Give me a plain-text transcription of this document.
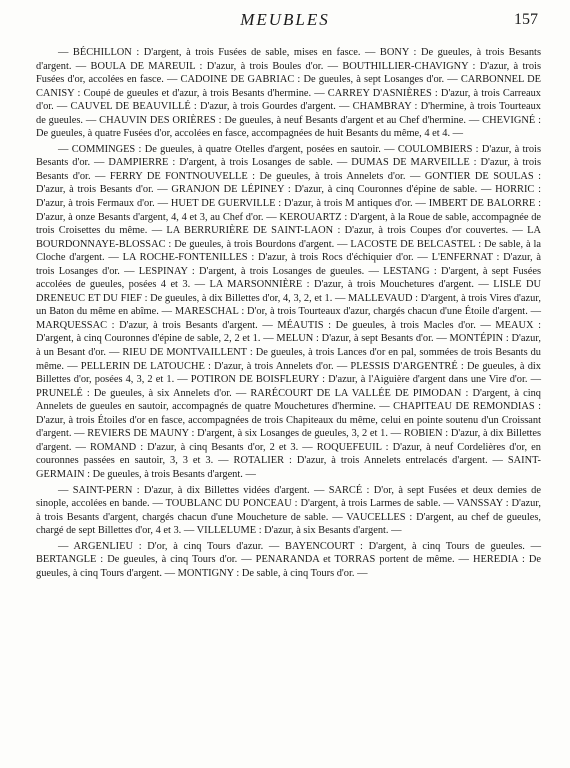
MEUBLES	157

— BÉCHILLON : D'argent, à trois Fusées de sable, mises en fasce. — BONY : De gueules, à trois Besants d'argent. — BOULA DE MAREUIL : D'azur, à trois Boules d'or. — BOUTHILLIER-CHAVIGNY : D'azur, à trois Fusées d'or, accolées en fasce. — CADOINE DE GABRIAC : De gueules, à sept Losanges d'or. — CARBONNEL DE CANISY : Coupé de gueules et d'azur, à trois Besants d'hermine. — CARREY D'ASNIÈRES : D'azur, à trois Carreaux d'or. — CAUVEL DE BEAUVILLÉ : D'azur, à trois Gourdes d'argent. — CHAMBRAY : D'hermine, à trois Tourteaux de gueules. — CHAUVIN DES ORIÈRES : De gueules, à neuf Besants d'argent et au Chef d'hermine. — CHEVIGNÉ : De gueules, à quatre Fusées d'or, accolées en fasce, accompagnées de huit Besants du même, 4 et 4. —

— COMMINGES : De gueules, à quatre Otelles d'argent, posées en sautoir. — COULOMBIERS : D'azur, à trois Besants d'or. — DAMPIERRE : D'argent, à trois Losanges de sable. — DUMAS DE MARVEILLE : D'azur, à trois Besants d'or. — FERRY DE FONTNOUVELLE : De gueules, à trois Annelets d'or. — GONTIER DE SOULAS : D'azur, à trois Besants d'or. — GRANJON DE LÉPINEY : D'azur, à cinq Couronnes d'épine de sable. — HORRIC : D'azur, à trois Fermaux d'or. — HUET DE GUERVILLE : D'azur, à trois M antiques d'or. — IMBERT DE BALORRE : D'azur, à onze Besants d'argent, 4, 4 et 3, au Chef d'or. — KEROUARTZ : D'argent, à la Roue de sable, accompagnée de trois Croisettes du même. — LA BERRURIÈRE DE SAINT-LAON : D'azur, à trois Coupes d'or couvertes. — LA BOURDONNAYE-BLOSSAC : De gueules, à trois Bourdons d'argent. — LACOSTE DE BELCASTEL : De sable, à la Cloche d'argent. — LA ROCHE-FONTENILLES : D'azur, à trois Rocs d'échiquier d'or. — L'ENFERNAT : D'azur, à trois Losanges d'or. — LESPINAY : D'argent, à trois Losanges de gueules. — LESTANG : D'argent, à sept Fusées accolées de gueules, posées 4 et 3. — LA MARSONNIÈRE : D'azur, à trois Mouchetures d'argent. — LISLE DU DRENEUC ET DU FIEF : De gueules, à dix Billettes d'or, 4, 3, 2, et 1. — MALLEVAUD : D'argent, à trois Vires d'azur, un Baton du même en abîme. — MARESCHAL : D'or, à trois Tourteaux d'azur, chargés chacun d'une Étoile d'argent. — MARQUESSAC : D'azur, à trois Besants d'argent. — MÉAUTIS : De gueules, à trois Macles d'or. — MEAUX : D'argent, à cinq Couronnes d'épine de sable, 2, 2 et 1. — MELUN : D'azur, à sept Besants d'or. — MONTÉPIN : D'azur, à un Besant d'or. — RIEU DE MONTVAILLENT : De gueules, à trois Lances d'or en pal, sommées de trois Besants du même. — PELLERIN DE LATOUCHE : D'azur, à trois Annelets d'or. — PLESSIS D'ARGENTRÉ : De gueules, à dix Billettes d'or, posées 4, 3, 2 et 1. — POTIRON DE BOISFLEURY : D'azur, à l'Aiguière d'argent dans une Vire d'or. — PRUNELÉ : De gueules, à six Annelets d'or. — RARÉCOURT DE LA VALLÉE DE PIMODAN : D'argent, à cinq Annelets de gueules en sautoir, accompagnés de quatre Mouchetures d'hermine. — CHAPITEAU DE REMONDIAS : D'azur, à trois Étoiles d'or en fasce, accompagnées de trois Chapiteaux du même, celui en pointe soutenu d'un Croissant d'argent. — REVIERS DE MAUNY : D'argent, à six Losanges de gueules, 3, 2 et 1. — ROBIEN : D'azur, à dix Billettes d'argent. — ROMAND : D'azur, à cinq Besants d'or, 2 et 3. — ROQUEFEUIL : D'azur, à neuf Cordelières d'or, en couronnes passées en sautoir, 3, 3 et 3. — ROTALIER : D'azur, à trois Annelets entrelacés d'argent. — SAINT-GERMAIN : De gueules, à trois Besants d'argent. —

— SAINT-PERN : D'azur, à dix Billettes vidées d'argent. — SARCÉ : D'or, à sept Fusées et deux demies de sinople, accolées en bande. — TOUBLANC DU PONCEAU : D'argent, à trois Larmes de sable. — VANSSAY : D'azur, à trois Besants d'argent, chargés chacun d'une Moucheture de sable. — VAUCELLES : D'argent, au chef de gueules, chargé de sept Billettes d'or, 4 et 3. — VILLELUME : D'azur, à six Besants d'argent. —

— ARGENLIEU : D'or, à cinq Tours d'azur. — BAYENCOURT : D'argent, à cinq Tours de gueules. — BERTANGLE : De gueules, à cinq Tours d'or. — PENARANDA et TORRAS portent de même. — HEREDIA : De gueules, à cinq Tours d'argent. — MONTIGNY : De sable, à cinq Tours d'or. —
